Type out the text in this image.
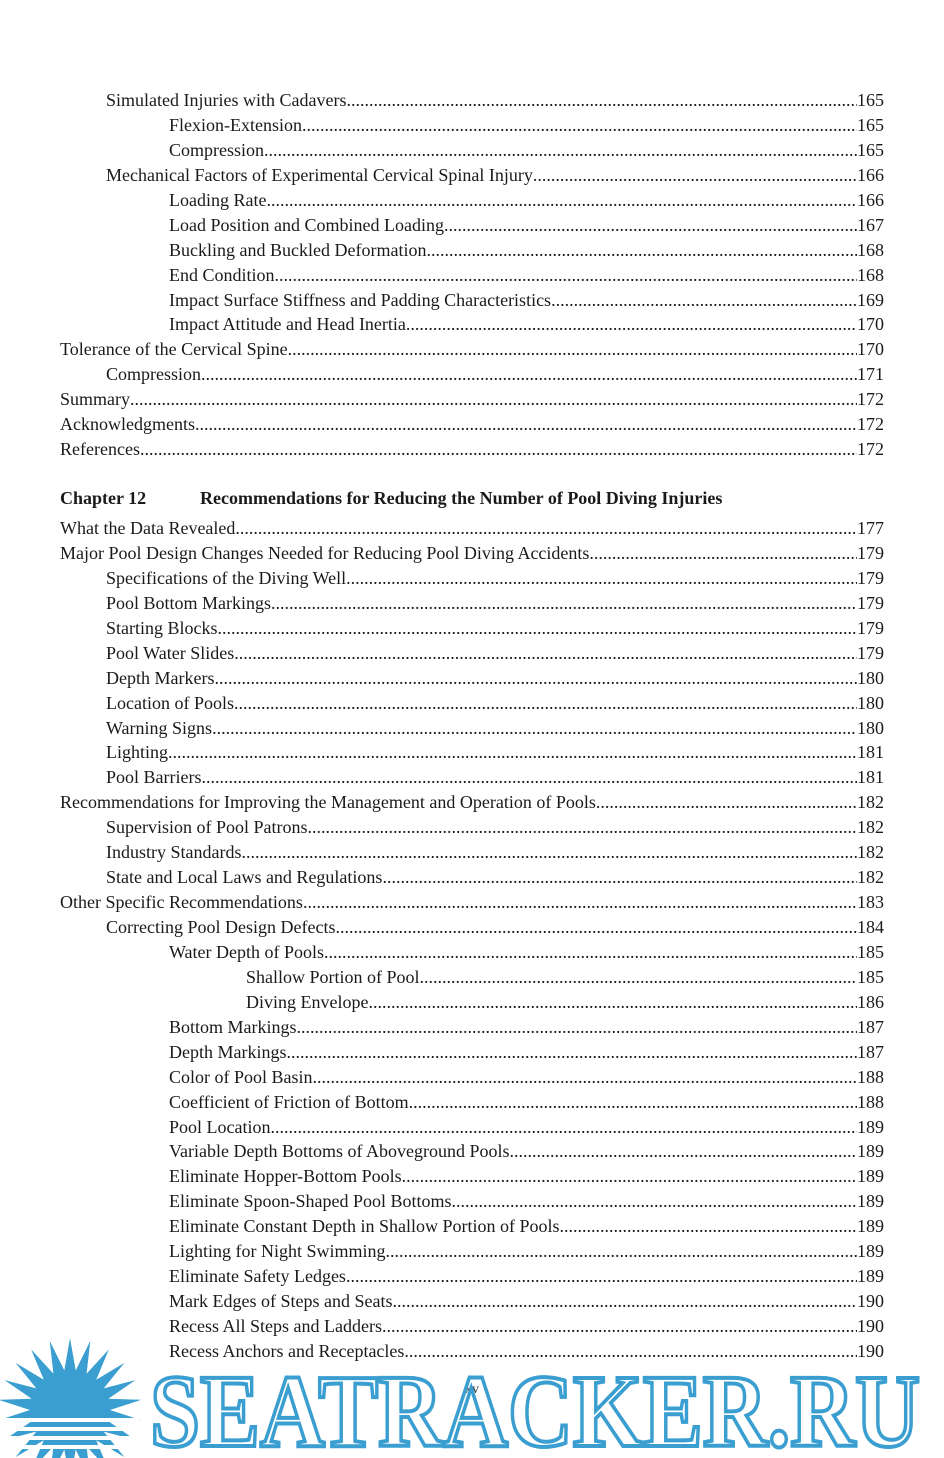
Simulated Injuries with Cadavers .....	165
Flexion-Extension .....	165
Compression .....	165
Mechanical Factors of Experimental Cervical Spinal Injury .....	166
Loading Rate .....	166
Load Position and Combined Loading .....	167
Buckling and Buckled Deformation .....	168
End Condition .....	168
Impact Surface Stiffness and Padding Characteristics .....	169
Impact Attitude and Head Inertia .....	170
Tolerance of the Cervical Spine .....	170
Compression .....	171
Summary .....	172
Acknowledgments .....	172
References .....	172
Chapter 12	Recommendations for Reducing the Number of Pool Diving Injuries
What the Data Revealed .....	177
Major Pool Design Changes Needed for Reducing Pool Diving Accidents .....	179
Specifications of the Diving Well .....	179
Pool Bottom Markings .....	179
Starting Blocks .....	179
Pool Water Slides .....	179
Depth Markers .....	180
Location of Pools .....	180
Warning Signs .....	180
Lighting .....	181
Pool Barriers .....	181
Recommendations for Improving the Management and Operation of Pools .....	182
Supervision of Pool Patrons .....	182
Industry Standards .....	182
State and Local Laws and Regulations .....	182
Other Specific Recommendations .....	183
Correcting Pool Design Defects .....	184
Water Depth of Pools .....	185
Shallow Portion of Pool .....	185
Diving Envelope .....	186
Bottom Markings .....	187
Depth Markings .....	187
Color of Pool Basin .....	188
Coefficient of Friction of Bottom .....	188
Pool Location .....	189
Variable Depth Bottoms of Aboveground Pools .....	189
Eliminate Hopper-Bottom Pools .....	189
Eliminate Spoon-Shaped Pool Bottoms .....	189
Eliminate Constant Depth in Shallow Portion of Pools .....	189
Lighting for Night Swimming .....	189
Eliminate Safety Ledges .....	189
Mark Edges of Steps and Seats .....	190
Recess All Steps and Ladders .....	190
Recess Anchors and Receptacles .....	190
xv
SEATRACKER.RU
